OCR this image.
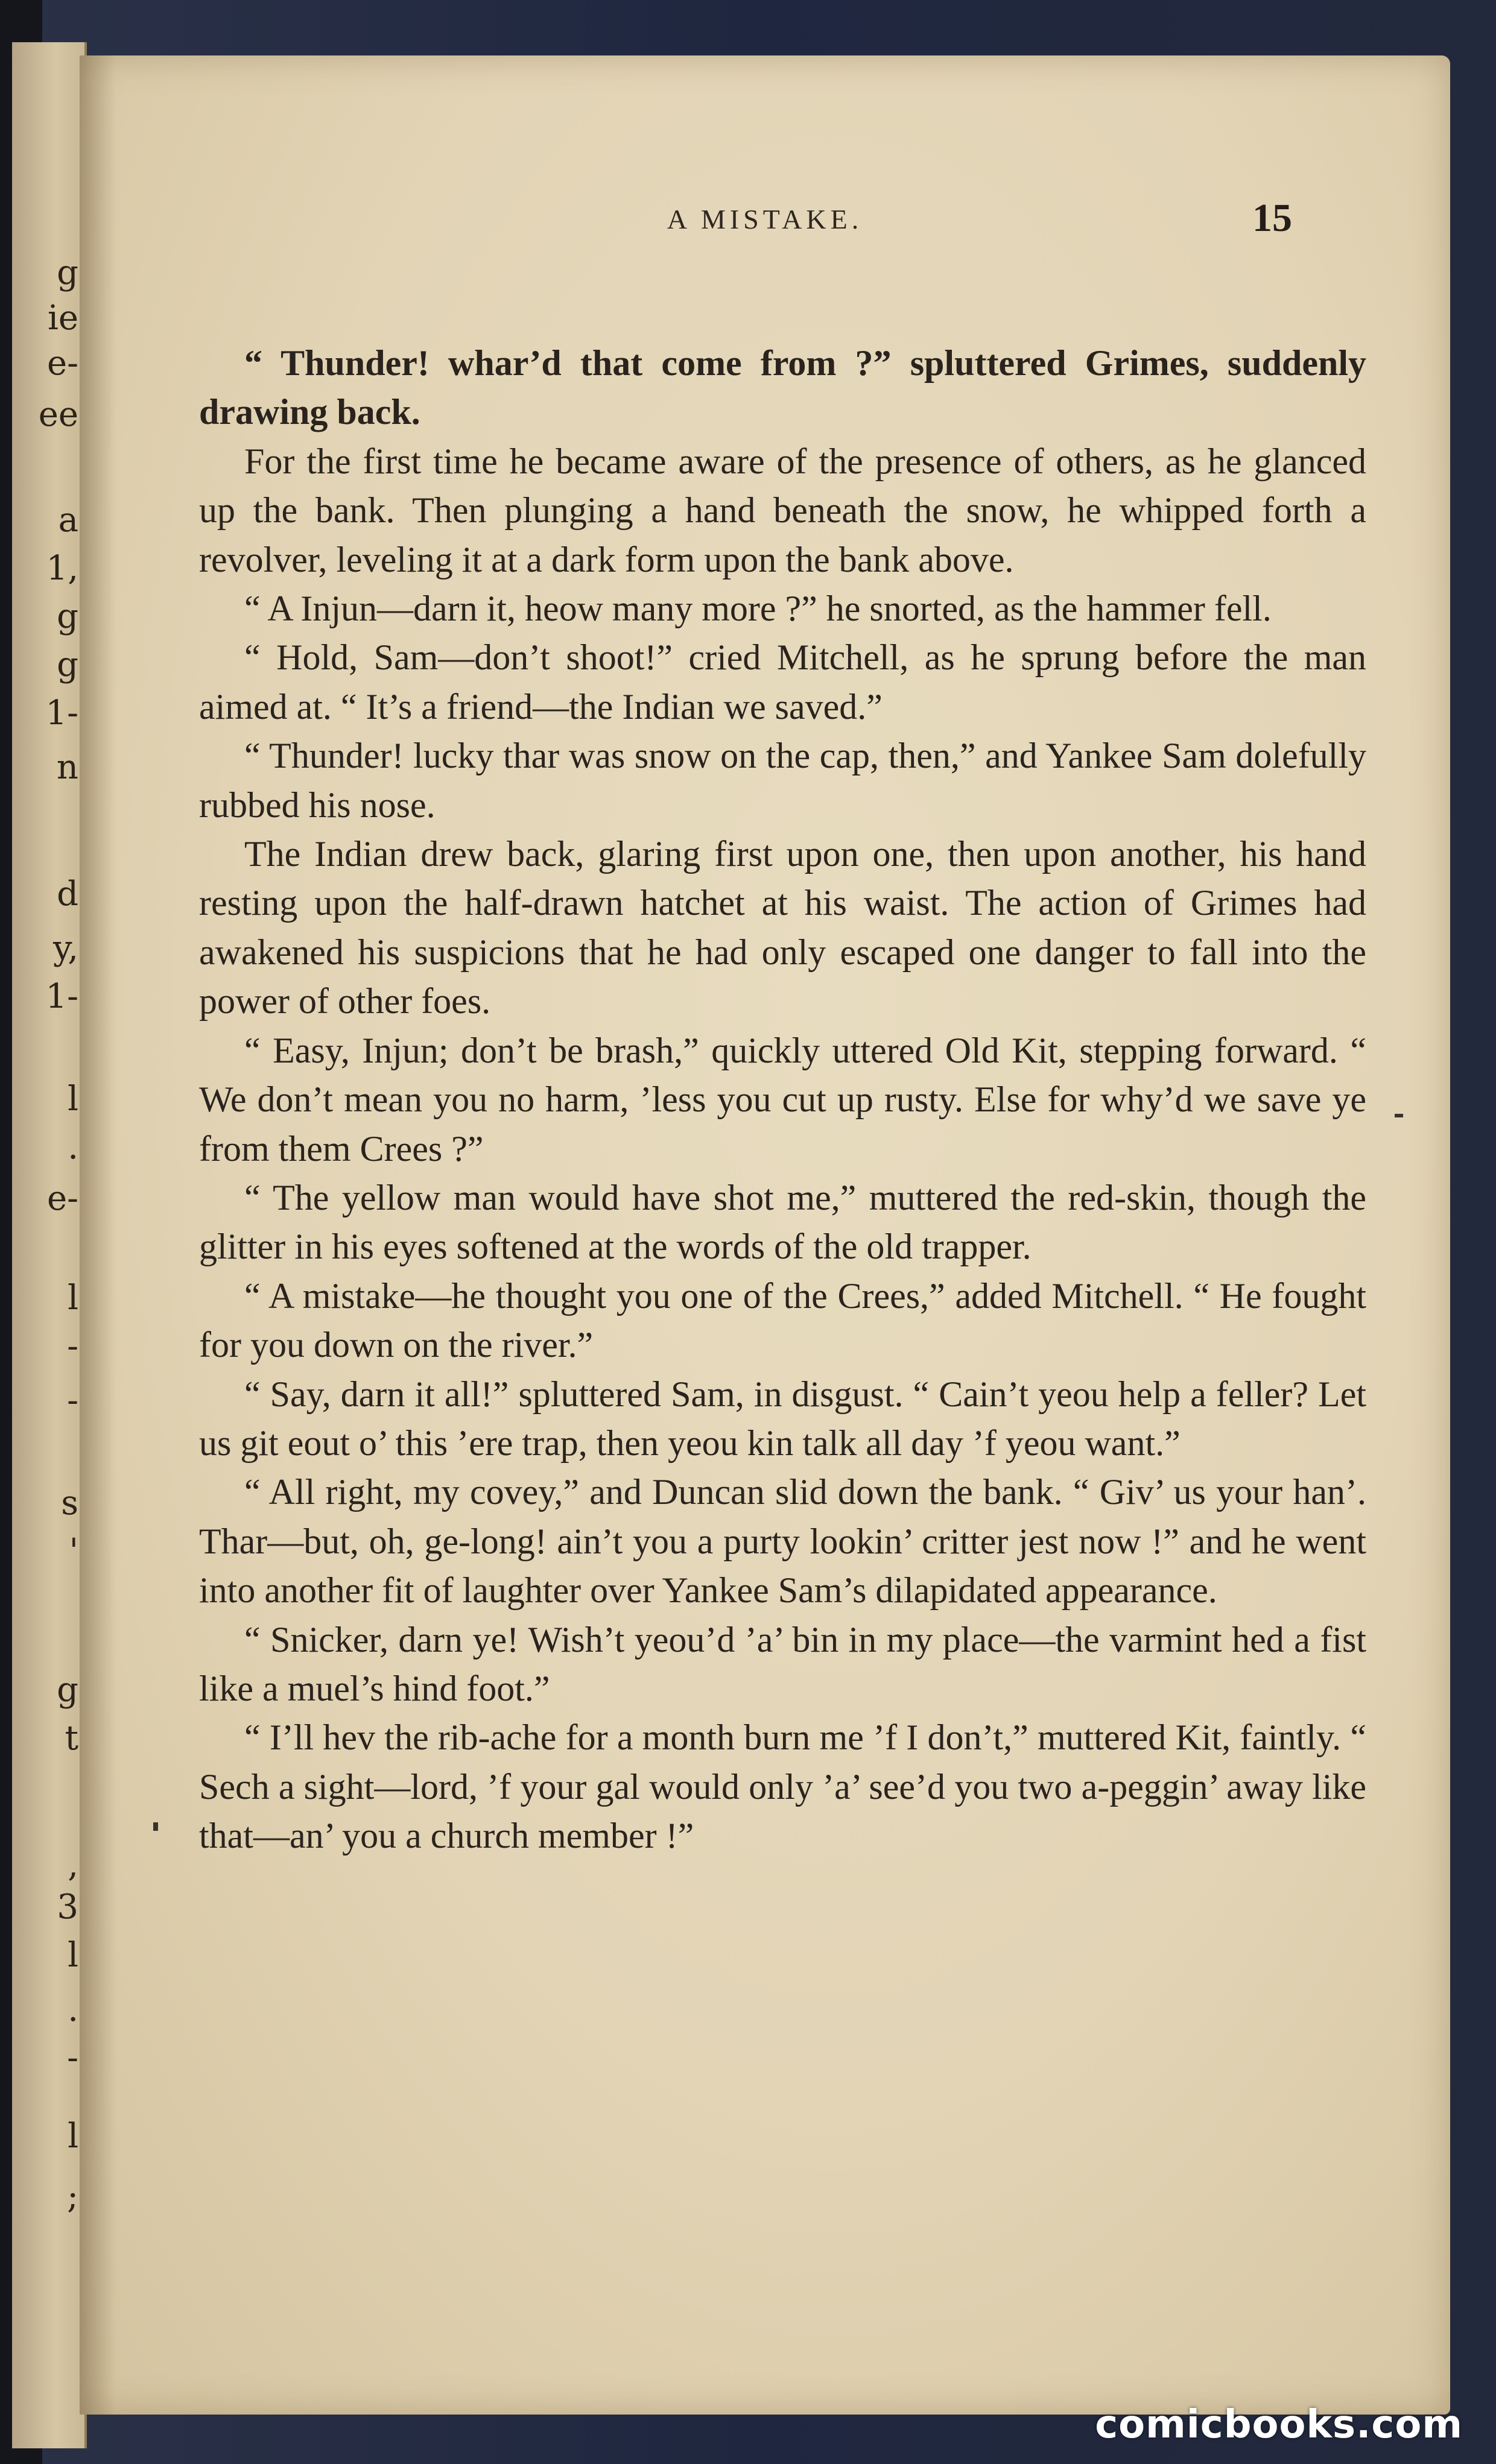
g
ie
e-
ee
a
1,
g
g
1-
n
d
y,
1-
l
.
e-
l
-
-
s
'
g
t
,
3
l
.
-
l
;
A MISTAKE.	15

“ Thunder! whar’d that come from ?” spluttered Grimes, suddenly drawing back.

For the first time he became aware of the presence of others, as he glanced up the bank. Then plunging a hand beneath the snow, he whipped forth a revolver, leveling it at a dark form upon the bank above.

“ A Injun—darn it, heow many more ?” he snorted, as the hammer fell.

“ Hold, Sam—don’t shoot!” cried Mitchell, as he sprung before the man aimed at. “ It’s a friend—the Indian we saved.”

“ Thunder! lucky thar was snow on the cap, then,” and Yankee Sam dolefully rubbed his nose.

The Indian drew back, glaring first upon one, then upon another, his hand resting upon the half-drawn hatchet at his waist. The action of Grimes had awakened his suspicions that he had only escaped one danger to fall into the power of other foes.

“ Easy, Injun; don’t be brash,” quickly uttered Old Kit, stepping forward. “ We don’t mean you no harm, ’less you cut up rusty. Else for why’d we save ye from them Crees ?”

“ The yellow man would have shot me,” muttered the red-skin, though the glitter in his eyes softened at the words of the old trapper.

“ A mistake—he thought you one of the Crees,” added Mitchell. “ He fought for you down on the river.”

“ Say, darn it all!” spluttered Sam, in disgust. “ Cain’t yeou help a feller? Let us git eout o’ this ’ere trap, then yeou kin talk all day ’f yeou want.”

“ All right, my covey,” and Duncan slid down the bank. “ Giv’ us your han’. Thar—but, oh, ge-long! ain’t you a purty lookin’ critter jest now !” and he went into another fit of laughter over Yankee Sam’s dilapidated appearance.

“ Snicker, darn ye! Wish’t yeou’d ’a’ bin in my place—the varmint hed a fist like a muel’s hind foot.”

“ I’ll hev the rib-ache for a month burn me ’f I don’t,” muttered Kit, faintly. “ Sech a sight—lord, ’f your gal would only ’a’ see’d you two a-peggin’ away like that—an’ you a church member !”

comicbooks.com
